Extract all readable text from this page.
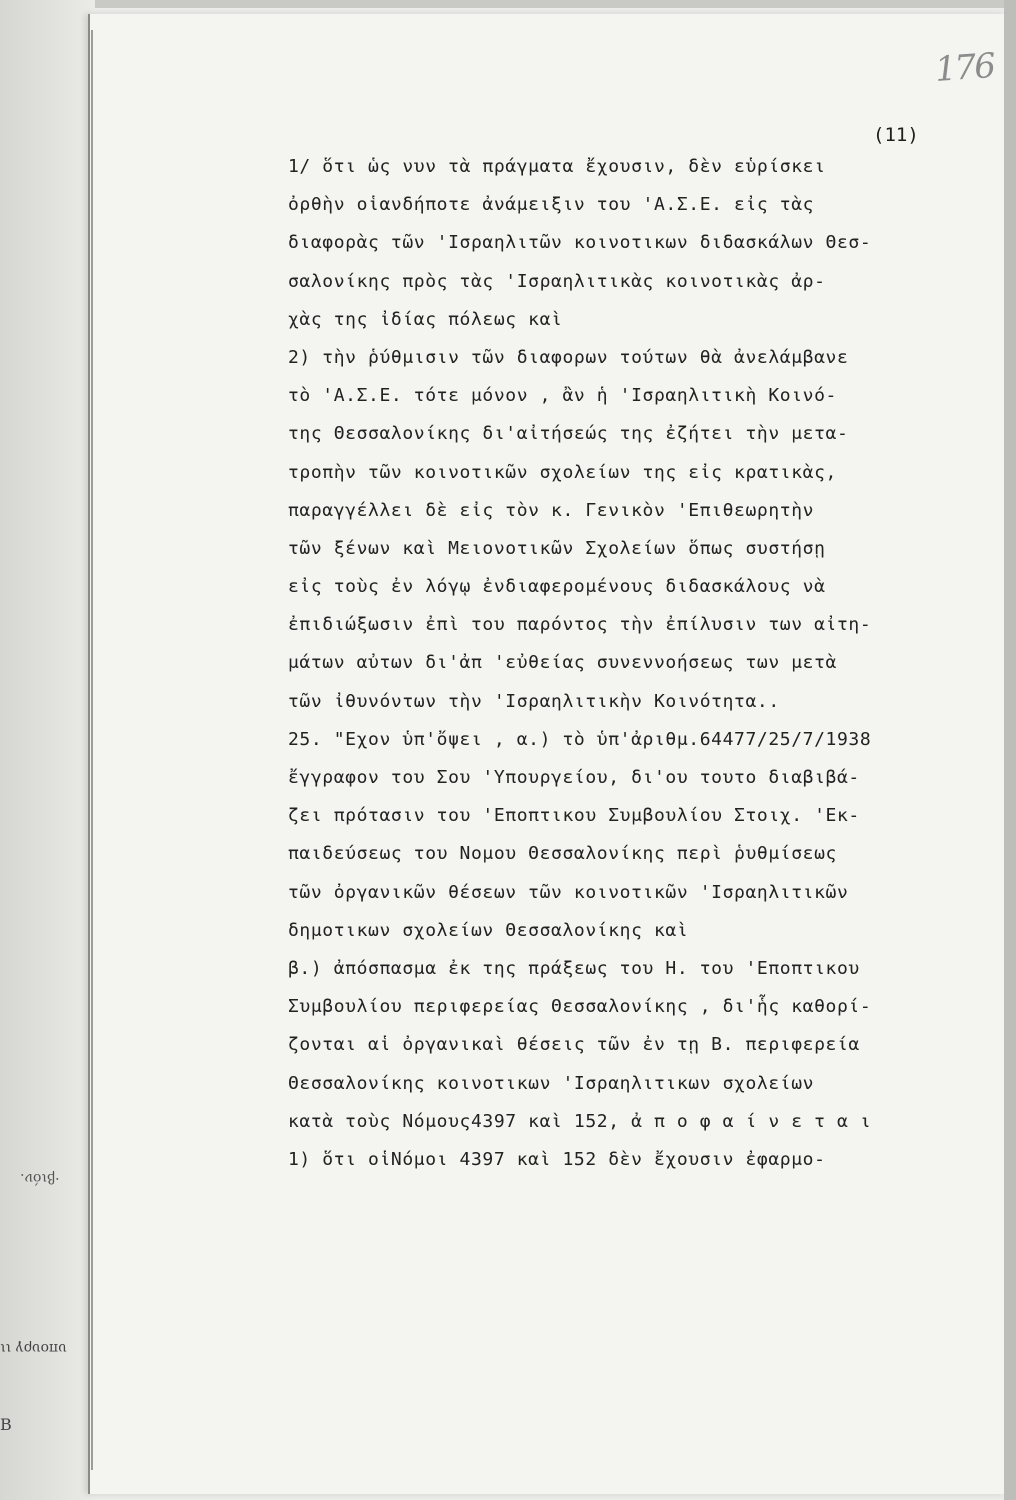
176
(11)
1/ ὅτι ὡς νυν τὰ πράγματα ἔχουσιν, δὲν εὑρίσκει
ὀρθὴν οἱανδήποτε ἀνάμειξιν του 'Α.Σ.Ε. εἰς τὰς
διαφορὰς τῶν 'Ισραηλιτῶν κοινοτικων διδασκάλων Θεσ-
σαλονίκης πρὸς τὰς 'Ισραηλιτικὰς κοινοτικὰς ἀρ-
χὰς της ἰδίας πόλεως καὶ
2) τὴν ῥύθμισιν τῶν διαφορων τούτων θὰ ἀνελάμβανε
τὸ 'Α.Σ.Ε. τότε μόνον , ἂν ἡ 'Ισραηλιτικὴ Κοινό-
της Θεσσαλονίκης δι'αἰτήσεώς της ἐζήτει τὴν μετα-
τροπὴν τῶν κοινοτικῶν σχολείων της εἰς κρατικὰς,
παραγγέλλει δὲ εἰς τὸν κ. Γενικὸν 'Επιθεωρητὴν
τῶν ξένων καὶ Μειονοτικῶν Σχολείων ὅπως συστήσῃ
εἰς τοὺς ἐν λόγῳ ἐνδιαφερομένους διδασκάλους νὰ
ἐπιδιώξωσιν ἐπὶ του παρόντος τὴν ἐπίλυσιν των αἰτη-
μάτων αὐτων δι'ἀπ 'εὐθείας συνεννοήσεως των μετὰ
τῶν ἰθυνόντων τὴν 'Ισραηλιτικὴν Κοινότητα..
25. "Εχον ὑπ'ὄψει , α.) τὸ ὑπ'ἀριθμ.64477/25/7/1938
ἔγγραφον του Σου 'Υπουργείου, δι'ου τουτο διαβιβά-
ζει πρότασιν του 'Εποπτικου Συμβουλίου Στοιχ. 'Εκ-
παιδεύσεως του Νομου Θεσσαλονίκης περὶ ῥυθμίσεως
τῶν ὀργανικῶν θέσεων τῶν κοινοτικῶν 'Ισραηλιτικῶν
δημοτικων σχολείων Θεσσαλονίκης καὶ
β.) ἀπόσπασμα ἐκ της πράξεως του Η. του 'Εποπτικου
Συμβουλίου περιφερείας Θεσσαλονίκης , δι'ἧς καθορί-
ζονται αἱ ὀργανικαὶ θέσεις τῶν ἐν τῃ Β. περιφερεία
Θεσσαλονίκης κοινοτικων 'Ισραηλιτικων σχολείων
κατὰ τοὺς Νόμους4397 καὶ 152, ἀ π ο φ α ί ν ε τ α ι
1) ὅτι οἱΝόμοι 4397 καὶ 152 δὲν ἔχουσιν ἐφαρμο-
·βιόν.
υπουργ ιι
Β
